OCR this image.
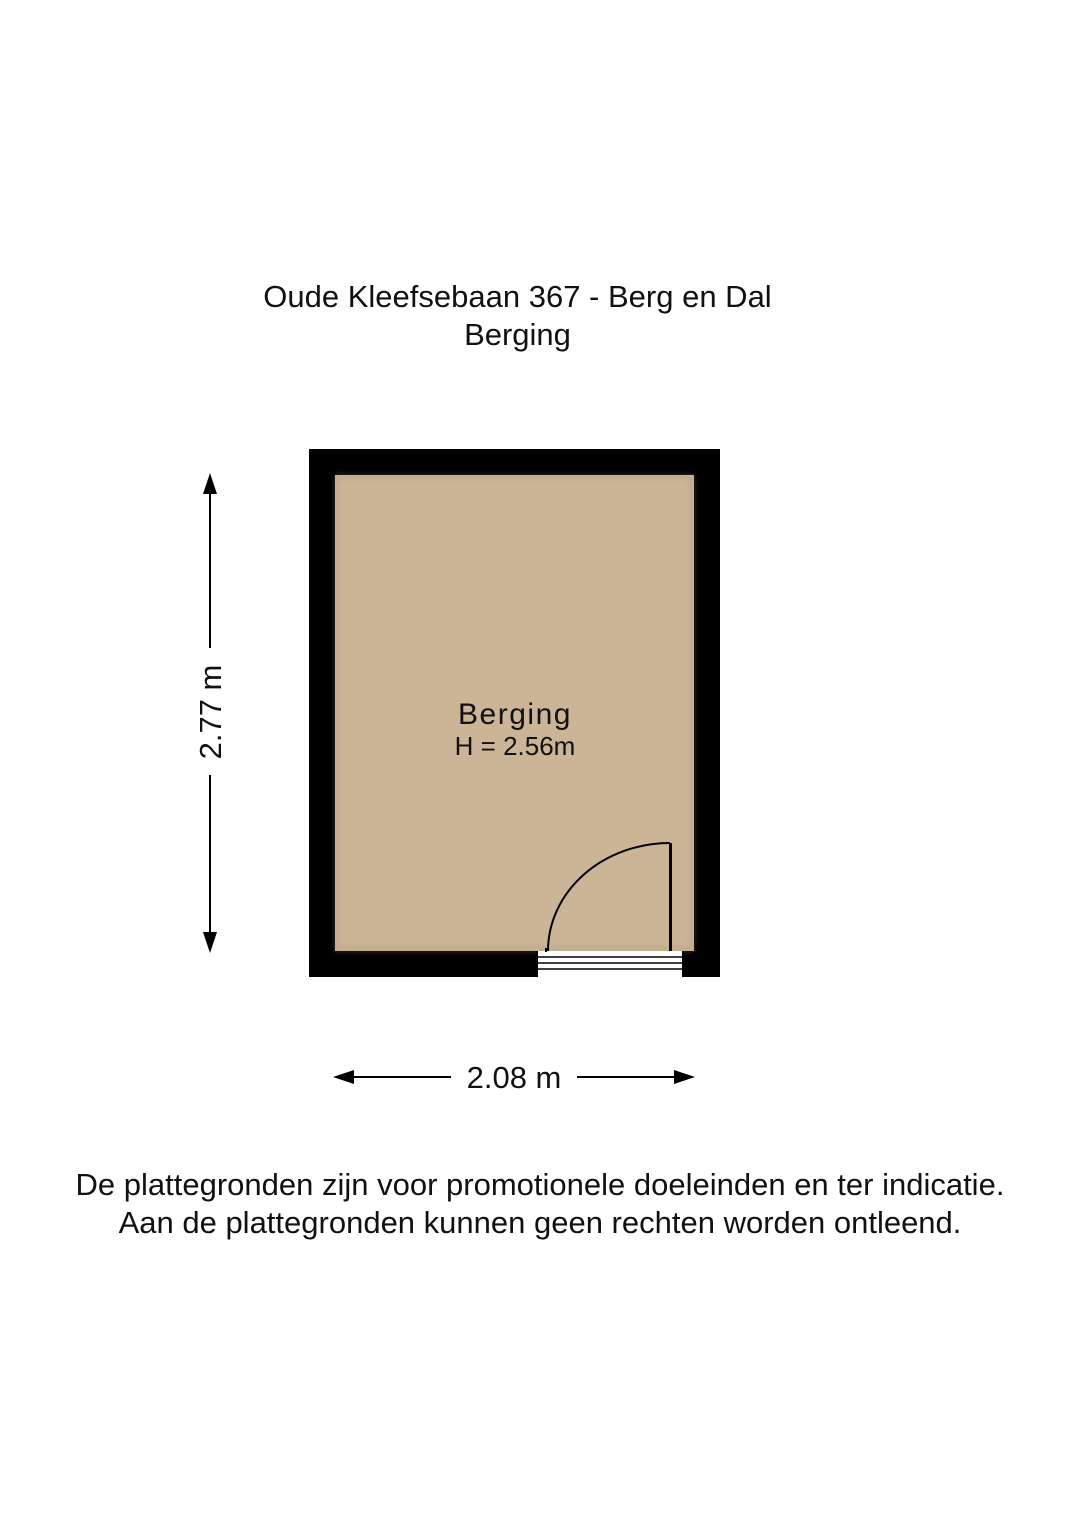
Oude Kleefsebaan 367 - Berg en Dal
Berging
Berging
H = 2.56m
2.77 m
2.08 m
De plattegronden zijn voor promotionele doeleinden en ter indicatie.
Aan de plattegronden kunnen geen rechten worden ontleend.
